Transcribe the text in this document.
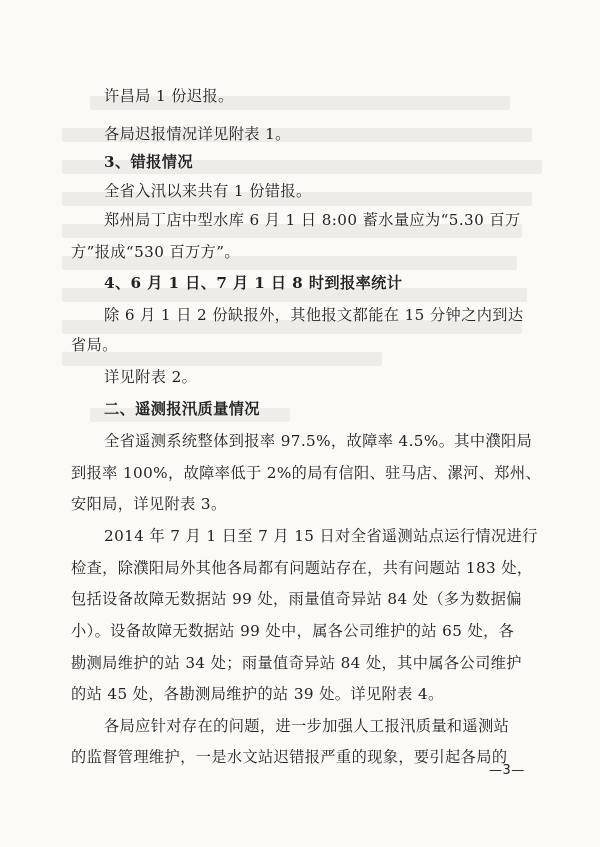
许昌局 1 份迟报。
各局迟报情况详见附表 1。
3、错报情况
全省入汛以来共有 1 份错报。
郑州局丁店中型水库 6 月 1 日 8:00 蓄水量应为“5.30 百万
方”报成“530 百万方”。
4、6 月 1 日、7 月 1 日 8 时到报率统计
除 6 月 1 日 2 份缺报外，其他报文都能在 15 分钟之内到达
省局。
详见附表 2。
二、遥测报汛质量情况
全省遥测系统整体到报率 97.5%，故障率 4.5%。其中濮阳局
到报率 100%，故障率低于 2%的局有信阳、驻马店、漯河、郑州、
安阳局，详见附表 3。
2014 年 7 月 1 日至 7 月 15 日对全省遥测站点运行情况进行
检查，除濮阳局外其他各局都有问题站存在，共有问题站 183 处，
包括设备故障无数据站 99 处，雨量值奇异站 84 处（多为数据偏
小）。设备故障无数据站 99 处中，属各公司维护的站 65 处，各
勘测局维护的站 34 处；雨量值奇异站 84 处，其中属各公司维护
的站 45 处，各勘测局维护的站 39 处。详见附表 4。
各局应针对存在的问题，进一步加强人工报汛质量和遥测站
的监督管理维护，一是水文站迟错报严重的现象，要引起各局的
—3—
